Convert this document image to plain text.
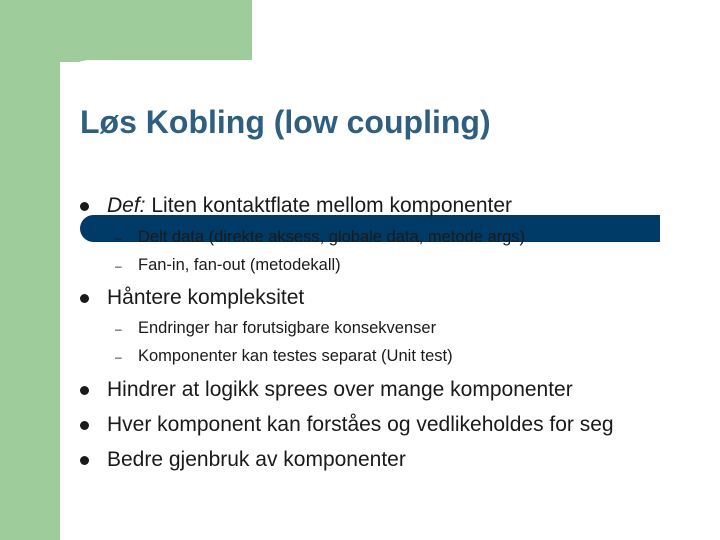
Løs Kobling (low coupling)
Def: Liten kontaktflate mellom komponenter
– Delt data (direkte aksess, globale data, metode args)
– Fan-in, fan-out (metodekall)
Håntere kompleksitet
– Endringer har forutsigbare konsekvenser
– Komponenter kan testes separat (Unit test)
Hindrer at logikk sprees over mange komponenter
Hver komponent kan forståes og vedlikeholdes for seg
Bedre gjenbruk av komponenter
